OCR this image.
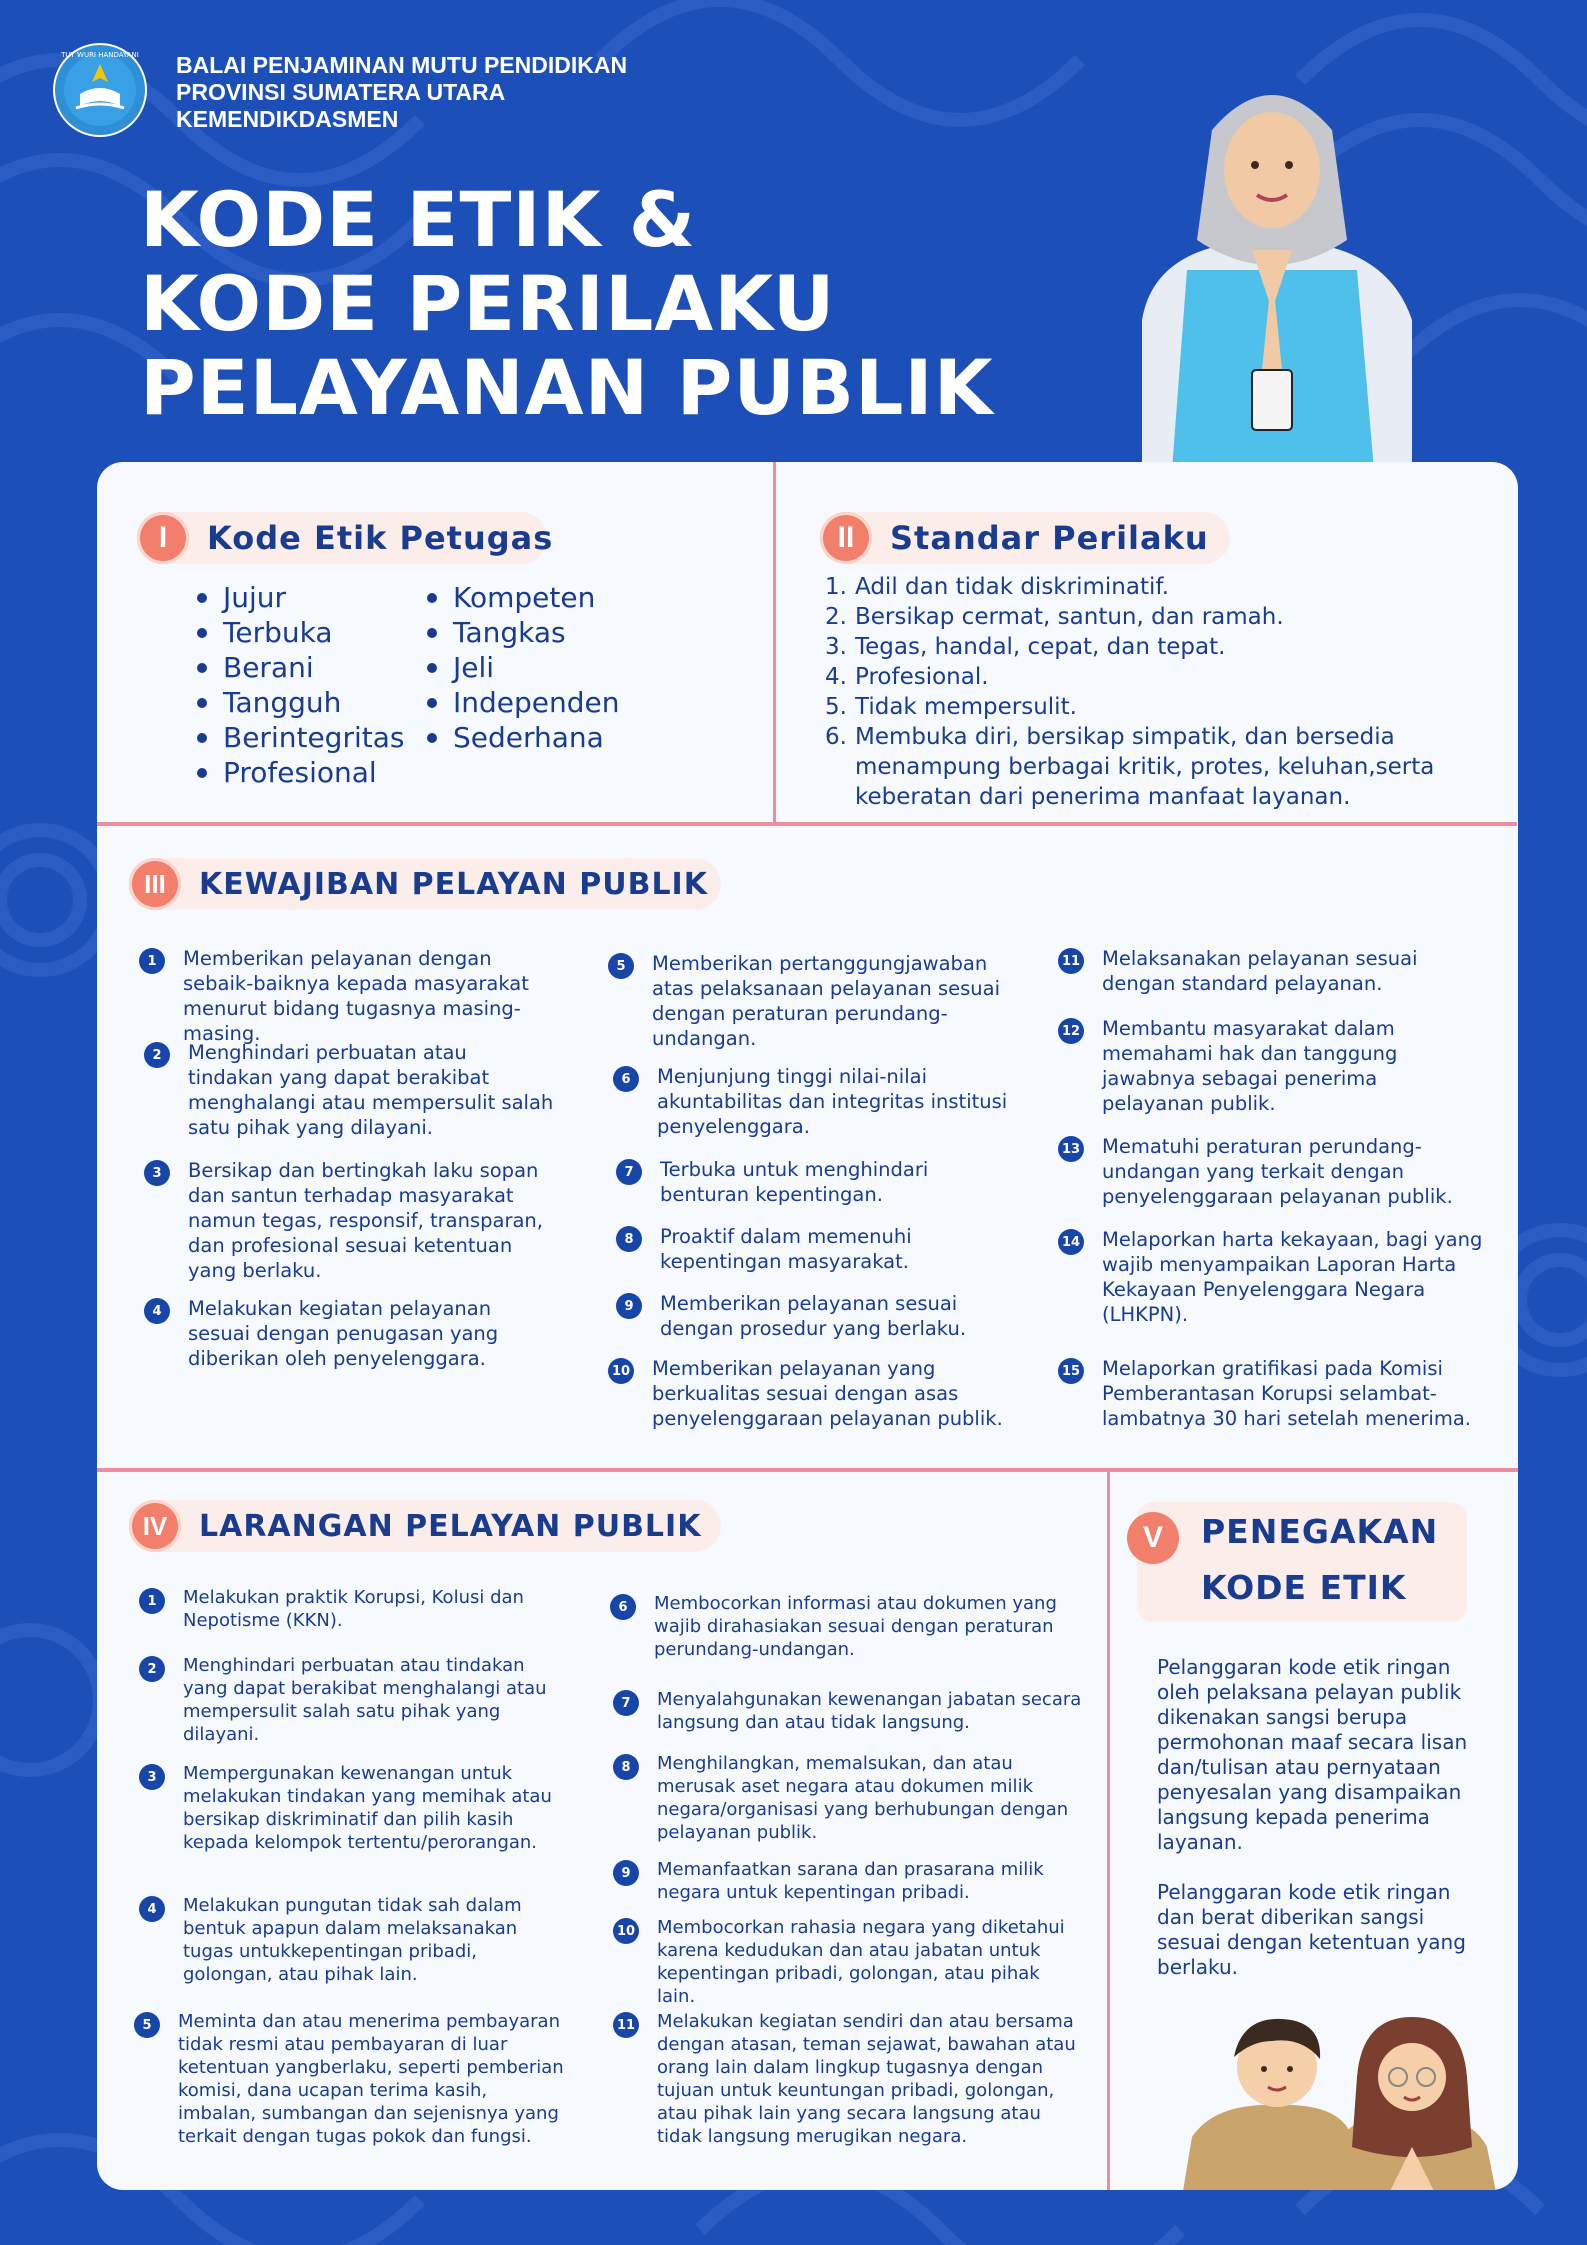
TUT WURI HANDAYANI BALAI PENJAMINAN MUTU PENDIDIKAN
PROVINSI SUMATERA UTARA
KEMENDIKDASMEN
KODE ETIK &
KODE PERILAKU
PELAYANAN PUBLIK
I	Kode Etik Petugas
Jujur
Terbuka
Berani
Tangguh
Berintegritas
Profesional
Kompeten
Tangkas
Jeli
Independen
Sederhana
II	Standar Perilaku
1. Adil dan tidak diskriminatif.
2. Bersikap cermat, santun, dan ramah.
3. Tegas, handal, cepat, dan tepat.
4. Profesional.
5. Tidak mempersulit.
6. Membuka diri, bersikap simpatik, dan bersedia menampung berbagai kritik, protes, keluhan,serta keberatan dari penerima manfaat layanan.
III	KEWAJIBAN PELAYAN PUBLIK
1	Memberikan pelayanan dengan sebaik-baiknya kepada masyarakat menurut bidang tugasnya masing-masing.
2	Menghindari perbuatan atau tindakan yang dapat berakibat menghalangi atau mempersulit salah satu pihak yang dilayani.
3	Bersikap dan bertingkah laku sopan dan santun terhadap masyarakat namun tegas, responsif, transparan, dan profesional sesuai ketentuan yang berlaku.
4	Melakukan kegiatan pelayanan sesuai dengan penugasan yang diberikan oleh penyelenggara.
5	Memberikan pertanggungjawaban atas pelaksanaan pelayanan sesuai dengan peraturan perundang-undangan.
6	Menjunjung tinggi nilai-nilai akuntabilitas dan integritas institusi penyelenggara.
7	Terbuka untuk menghindari benturan kepentingan.
8	Proaktif dalam memenuhi kepentingan masyarakat.
9	Memberikan pelayanan sesuai dengan prosedur yang berlaku.
10 Memberikan pelayanan yang berkualitas sesuai dengan asas penyelenggaraan pelayanan publik.
11 Melaksanakan pelayanan sesuai dengan standard pelayanan.
12 Membantu masyarakat dalam memahami hak dan tanggung jawabnya sebagai penerima pelayanan publik.
13 Mematuhi peraturan perundang-undangan yang terkait dengan penyelenggaraan pelayanan publik.
14 Melaporkan harta kekayaan, bagi yang wajib menyampaikan Laporan Harta Kekayaan Penyelenggara Negara (LHKPN).
15 Melaporkan gratifikasi pada Komisi Pemberantasan Korupsi selambat-lambatnya 30 hari setelah menerima.
IV	LARANGAN PELAYAN PUBLIK
1	Melakukan praktik Korupsi, Kolusi dan Nepotisme (KKN).
2	Menghindari perbuatan atau tindakan yang dapat berakibat menghalangi atau mempersulit salah satu pihak yang dilayani.
3	Mempergunakan kewenangan untuk melakukan tindakan yang memihak atau bersikap diskriminatif dan pilih kasih kepada kelompok tertentu/perorangan.
4	Melakukan pungutan tidak sah dalam bentuk apapun dalam melaksanakan tugas untukkepentingan pribadi, golongan, atau pihak lain.
5	Meminta dan atau menerima pembayaran tidak resmi atau pembayaran di luar ketentuan yangberlaku, seperti pemberian komisi, dana ucapan terima kasih, imbalan, sumbangan dan sejenisnya yang terkait dengan tugas pokok dan fungsi.
6	Membocorkan informasi atau dokumen yang wajib dirahasiakan sesuai dengan peraturan perundang-undangan.
7	Menyalahgunakan kewenangan jabatan secara langsung dan atau tidak langsung.
8	Menghilangkan, memalsukan, dan atau merusak aset negara atau dokumen milik negara/organisasi yang berhubungan dengan pelayanan publik.
9	Memanfaatkan sarana dan prasarana milik negara untuk kepentingan pribadi.
10 Membocorkan rahasia negara yang diketahui karena kedudukan dan atau jabatan untuk kepentingan pribadi, golongan, atau pihak lain.
11 Melakukan kegiatan sendiri dan atau bersama dengan atasan, teman sejawat, bawahan atau orang lain dalam lingkup tugasnya dengan tujuan untuk keuntungan pribadi, golongan, atau pihak lain yang secara langsung atau tidak langsung merugikan negara.
V	PENEGAKAN
KODE ETIK

Pelanggaran kode etik ringan oleh pelaksana pelayan publik dikenakan sangsi berupa permohonan maaf secara lisan dan/tulisan atau pernyataan penyesalan yang disampaikan langsung kepada penerima layanan.

Pelanggaran kode etik ringan dan berat diberikan sangsi sesuai dengan ketentuan yang berlaku.
